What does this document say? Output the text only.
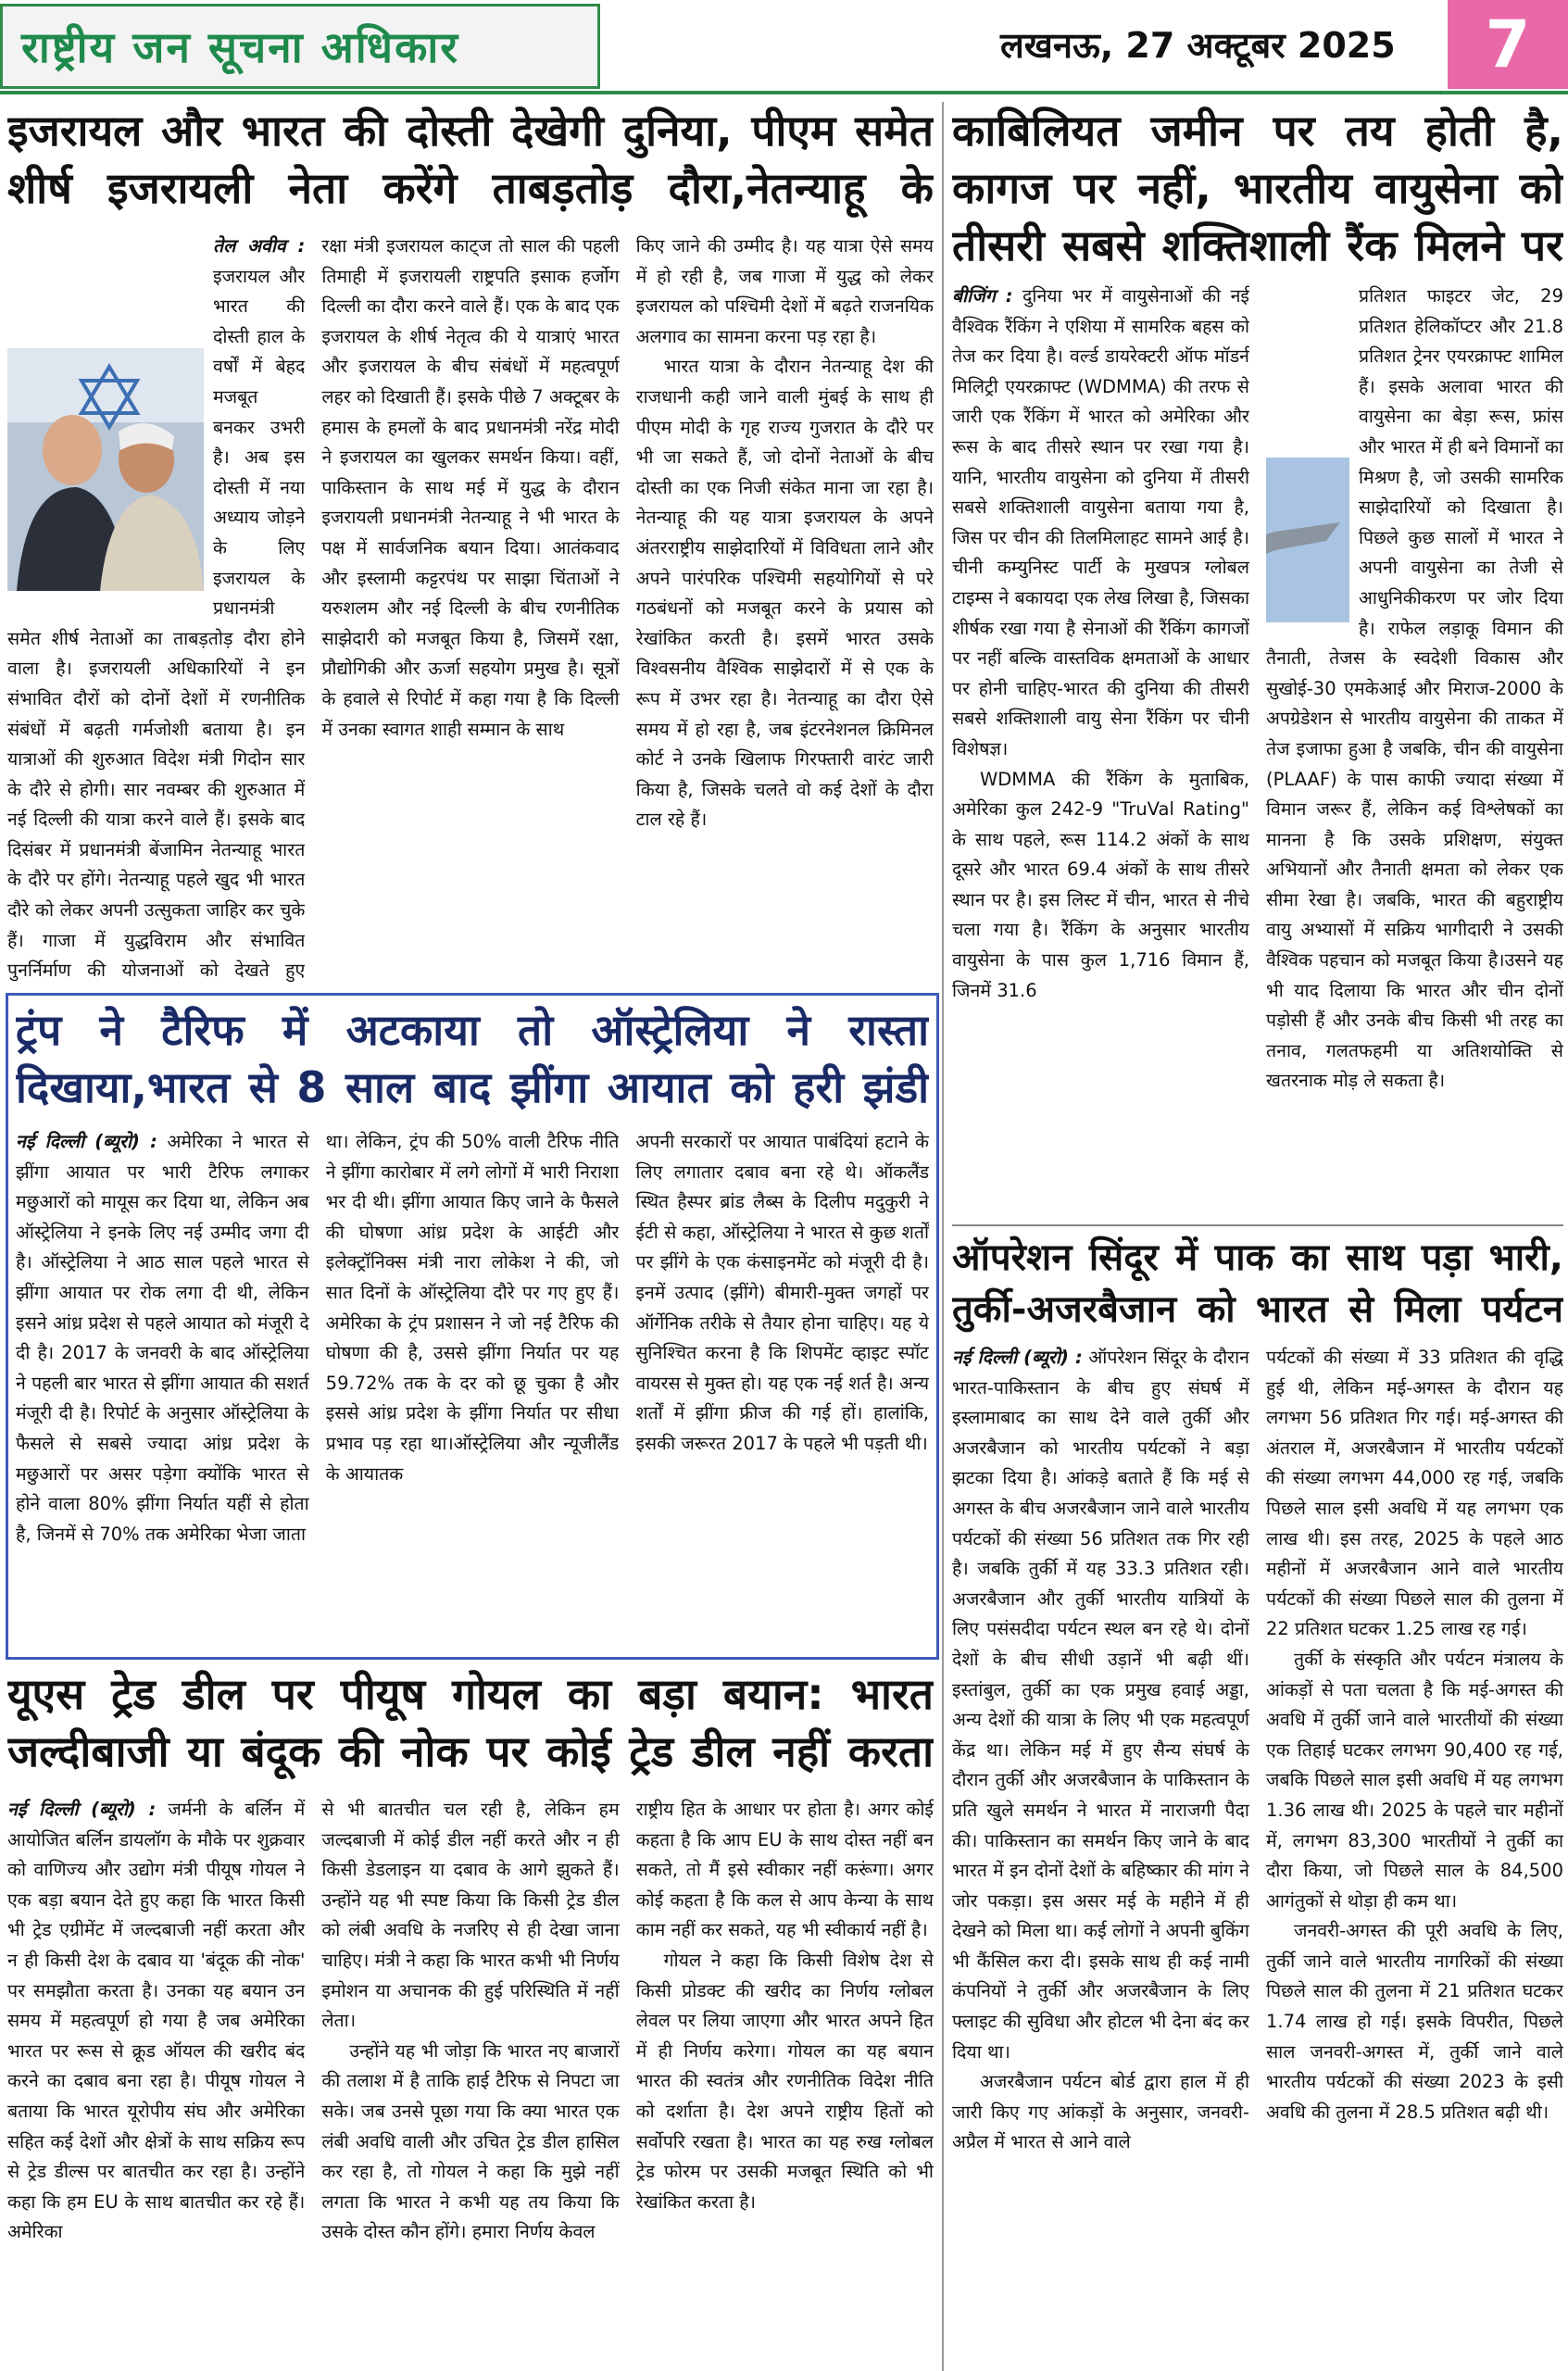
राष्ट्रीय जन सूचना अधिकार	लखनऊ, 27 अक्टूबर 2025	7
इजरायल और भारत की दोस्ती देखेगी दुनिया, पीएम समेत शीर्ष इजरायली नेता करेंगे ताबड़तोड़ दौरा,नेतन्याहू के

तेल अवीव : इजरायल और भारत की दोस्ती हाल के वर्षों में बेहद मजबूत बनकर उभरी है। अब इस दोस्ती में नया अध्याय जोड़ने के लिए इजरायल के प्रधानमंत्री समेत शीर्ष नेताओं का ताबड़तोड़ दौरा होने वाला है। इजरायली अधिकारियों ने इन संभावित दौरों को दोनों देशों में रणनीतिक संबंधों में बढ़ती गर्मजोशी बताया है। इन यात्राओं की शुरुआत विदेश मंत्री गिदोन सार के दौरे से होगी। सार नवम्बर की शुरुआत में नई दिल्ली की यात्रा करने वाले हैं। इसके बाद दिसंबर में प्रधानमंत्री बेंजामिन नेतन्याहू भारत के दौरे पर होंगे। नेतन्याहू पहले खुद भी भारत दौरे को लेकर अपनी उत्सुकता जाहिर कर चुके हैं। गाजा में युद्धविराम और संभावित पुनर्निर्माण की योजनाओं को देखते हुए

रक्षा मंत्री इजरायल काट्ज तो साल की पहली तिमाही में इजरायली राष्ट्रपति इसाक हर्जोग दिल्ली का दौरा करने वाले हैं। एक के बाद एक इजरायल के शीर्ष नेतृत्व की ये यात्राएं भारत और इजरायल के बीच संबंधों में महत्वपूर्ण लहर को दिखाती हैं। इसके पीछे 7 अक्टूबर के हमास के हमलों के बाद प्रधानमंत्री नरेंद्र मोदी ने इजरायल का खुलकर समर्थन किया। वहीं, पाकिस्तान के साथ मई में युद्ध के दौरान इजरायली प्रधानमंत्री नेतन्याहू ने भी भारत के पक्ष में सार्वजनिक बयान दिया। आतंकवाद और इस्लामी कट्टरपंथ पर साझा चिंताओं ने यरुशलम और नई दिल्ली के बीच रणनीतिक साझेदारी को मजबूत किया है, जिसमें रक्षा, प्रौद्योगिकी और ऊर्जा सहयोग प्रमुख है। सूत्रों के हवाले से रिपोर्ट में कहा गया है कि दिल्ली में उनका स्वागत शाही सम्मान के साथ

किए जाने की उम्मीद है। यह यात्रा ऐसे समय में हो रही है, जब गाजा में युद्ध को लेकर इजरायल को पश्चिमी देशों में बढ़ते राजनयिक अलगाव का सामना करना पड़ रहा है।

भारत यात्रा के दौरान नेतन्याहू देश की राजधानी कही जाने वाली मुंबई के साथ ही पीएम मोदी के गृह राज्य गुजरात के दौरे पर भी जा सकते हैं, जो दोनों नेताओं के बीच दोस्ती का एक निजी संकेत माना जा रहा है। नेतन्याहू की यह यात्रा इजरायल के अपने अंतरराष्ट्रीय साझेदारियों में विविधता लाने और अपने पारंपरिक पश्चिमी सहयोगियों से परे गठबंधनों को मजबूत करने के प्रयास को रेखांकित करती है। इसमें भारत उसके विश्वसनीय वैश्विक साझेदारों में से एक के रूप में उभर रहा है। नेतन्याहू का दौरा ऐसे समय में हो रहा है, जब इंटरनेशनल क्रिमिनल कोर्ट ने उनके खिलाफ गिरफ्तारी वारंट जारी किया है, जिसके चलते वो कई देशों के दौरा टाल रहे हैं।

काबिलियत जमीन पर तय होती है, कागज पर नहीं, भारतीय वायुसेना को तीसरी सबसे शक्तिशाली रैंक मिलने पर

बीजिंग : दुनिया भर में वायुसेनाओं की नई वैश्विक रैंकिंग ने एशिया में सामरिक बहस को तेज कर दिया है। वर्ल्ड डायरेक्टरी ऑफ मॉडर्न मिलिट्री एयरक्राफ्ट (WDMMA) की तरफ से जारी एक रैंकिंग में भारत को अमेरिका और रूस के बाद तीसरे स्थान पर रखा गया है। यानि, भारतीय वायुसेना को दुनिया में तीसरी सबसे शक्तिशाली वायुसेना बताया गया है, जिस पर चीन की तिलमिलाहट सामने आई है। चीनी कम्युनिस्ट पार्टी के मुखपत्र ग्लोबल टाइम्स ने बकायदा एक लेख लिखा है, जिसका शीर्षक रखा गया है सेनाओं की रैंकिंग कागजों पर नहीं बल्कि वास्तविक क्षमताओं के आधार पर होनी चाहिए-भारत की दुनिया की तीसरी सबसे शक्तिशाली वायु सेना रैंकिंग पर चीनी विशेषज्ञ।

WDMMA की रैंकिंग के मुताबिक, अमेरिका कुल 242-9 "TruVal Rating" के साथ पहले, रूस 114.2 अंकों के साथ दूसरे और भारत 69.4 अंकों के साथ तीसरे स्थान पर है। इस लिस्ट में चीन, भारत से नीचे चला गया है। रैंकिंग के अनुसार भारतीय वायुसेना के पास कुल 1,716 विमान हैं, जिनमें 31.6

प्रतिशत फाइटर जेट, 29 प्रतिशत हेलिकॉप्टर और 21.8 प्रतिशत ट्रेनर एयरक्राफ्ट शामिल हैं। इसके अलावा भारत की वायुसेना का बेड़ा रूस, फ्रांस और भारत में ही बने विमानों का मिश्रण है, जो उसकी सामरिक साझेदारियों को दिखाता है। पिछले कुछ सालों में भारत ने अपनी वायुसेना का तेजी से आधुनिकीकरण पर जोर दिया है। राफेल लड़ाकू विमान की तैनाती, तेजस के स्वदेशी विकास और सुखोई-30 एमकेआई और मिराज-2000 के अपग्रेडेशन से भारतीय वायुसेना की ताकत में तेज इजाफा हुआ है जबकि, चीन की वायुसेना (PLAAF) के पास काफी ज्यादा संख्या में विमान जरूर हैं, लेकिन कई विश्लेषकों का मानना है कि उसके प्रशिक्षण, संयुक्त अभियानों और तैनाती क्षमता को लेकर एक सीमा रेखा है। जबकि, भारत की बहुराष्ट्रीय वायु अभ्यासों में सक्रिय भागीदारी ने उसकी वैश्विक पहचान को मजबूत किया है।उसने यह भी याद दिलाया कि भारत और चीन दोनों पड़ोसी हैं और उनके बीच किसी भी तरह का तनाव, गलतफहमी या अतिशयोक्ति से खतरनाक मोड़ ले सकता है।

ट्रंप ने टैरिफ में अटकाया तो ऑस्ट्रेलिया ने रास्ता दिखाया,भारत से 8 साल बाद झींगा आयात को हरी झंडी

नई दिल्ली (ब्यूरो) : अमेरिका ने भारत से झींगा आयात पर भारी टैरिफ लगाकर मछुआरों को मायूस कर दिया था, लेकिन अब ऑस्ट्रेलिया ने इनके लिए नई उम्मीद जगा दी है। ऑस्ट्रेलिया ने आठ साल पहले भारत से झींगा आयात पर रोक लगा दी थी, लेकिन इसने आंध्र प्रदेश से पहले आयात को मंजूरी दे दी है। 2017 के जनवरी के बाद ऑस्ट्रेलिया ने पहली बार भारत से झींगा आयात की सशर्त मंजूरी दी है। रिपोर्ट के अनुसार ऑस्ट्रेलिया के फैसले से सबसे ज्यादा आंध्र प्रदेश के मछुआरों पर असर पड़ेगा क्योंकि भारत से होने वाला 80% झींगा निर्यात यहीं से होता है, जिनमें से 70% तक अमेरिका भेजा जाता

था। लेकिन, ट्रंप की 50% वाली टैरिफ नीति ने झींगा कारोबार में लगे लोगों में भारी निराशा भर दी थी। झींगा आयात किए जाने के फैसले की घोषणा आंध्र प्रदेश के आईटी और इलेक्ट्रॉनिक्स मंत्री नारा लोकेश ने की, जो सात दिनों के ऑस्ट्रेलिया दौरे पर गए हुए हैं। अमेरिका के ट्रंप प्रशासन ने जो नई टैरिफ की घोषणा की है, उससे झींगा निर्यात पर यह 59.72% तक के दर को छू चुका है और इससे आंध्र प्रदेश के झींगा निर्यात पर सीधा प्रभाव पड़ रहा था।ऑस्ट्रेलिया और न्यूजीलैंड के आयातक

अपनी सरकारों पर आयात पाबंदियां हटाने के लिए लगातार दबाव बना रहे थे। ऑकलैंड स्थित हैस्पर ब्रांड लैब्स के दिलीप मदुकुरी ने ईटी से कहा, ऑस्ट्रेलिया ने भारत से कुछ शर्तों पर झींगे के एक कंसाइनमेंट को मंजूरी दी है। इनमें उत्पाद (झींगे) बीमारी-मुक्त जगहों पर ऑर्गेनिक तरीके से तैयार होना चाहिए। यह ये सुनिश्चित करना है कि शिपमेंट व्हाइट स्पॉट वायरस से मुक्त हो। यह एक नई शर्त है। अन्य शर्तों में झींगा फ्रीज की गई हों। हालांकि, इसकी जरूरत 2017 के पहले भी पड़ती थी।

ऑपरेशन सिंदूर में पाक का साथ पड़ा भारी, तुर्की-अजरबैजान को भारत से मिला पर्यटन

नई दिल्ली (ब्यूरो) : ऑपरेशन सिंदूर के दौरान भारत-पाकिस्तान के बीच हुए संघर्ष में इस्लामाबाद का साथ देने वाले तुर्की और अजरबैजान को भारतीय पर्यटकों ने बड़ा झटका दिया है। आंकड़े बताते हैं कि मई से अगस्त के बीच अजरबैजान जाने वाले भारतीय पर्यटकों की संख्या 56 प्रतिशत तक गिर रही है। जबकि तुर्की में यह 33.3 प्रतिशत रही। अजरबैजान और तुर्की भारतीय यात्रियों के लिए पसंसदीदा पर्यटन स्थल बन रहे थे। दोनों देशों के बीच सीधी उड़ानें भी बढ़ी थीं। इस्तांबुल, तुर्की का एक प्रमुख हवाई अड्डा, अन्य देशों की यात्रा के लिए भी एक महत्वपूर्ण केंद्र था। लेकिन मई में हुए सैन्य संघर्ष के दौरान तुर्की और अजरबैजान के पाकिस्तान के प्रति खुले समर्थन ने भारत में नाराजगी पैदा की। पाकिस्तान का समर्थन किए जाने के बाद भारत में इन दोनों देशों के बहिष्कार की मांग ने जोर पकड़ा। इस असर मई के महीने में ही देखने को मिला था। कई लोगों ने अपनी बुकिंग भी कैंसिल करा दी। इसके साथ ही कई नामी कंपनियों ने तुर्की और अजरबैजान के लिए फ्लाइट की सुविधा और होटल भी देना बंद कर दिया था।

अजरबैजान पर्यटन बोर्ड द्वारा हाल में ही जारी किए गए आंकड़ों के अनुसार, जनवरी-अप्रैल में भारत से आने वाले

पर्यटकों की संख्या में 33 प्रतिशत की वृद्धि हुई थी, लेकिन मई-अगस्त के दौरान यह लगभग 56 प्रतिशत गिर गई। मई-अगस्त की अंतराल में, अजरबैजान में भारतीय पर्यटकों की संख्या लगभग 44,000 रह गई, जबकि पिछले साल इसी अवधि में यह लगभग एक लाख थी। इस तरह, 2025 के पहले आठ महीनों में अजरबैजान आने वाले भारतीय पर्यटकों की संख्या पिछले साल की तुलना में 22 प्रतिशत घटकर 1.25 लाख रह गई।

तुर्की के संस्कृति और पर्यटन मंत्रालय के आंकड़ों से पता चलता है कि मई-अगस्त की अवधि में तुर्की जाने वाले भारतीयों की संख्या एक तिहाई घटकर लगभग 90,400 रह गई, जबकि पिछले साल इसी अवधि में यह लगभग 1.36 लाख थी। 2025 के पहले चार महीनों में, लगभग 83,300 भारतीयों ने तुर्की का दौरा किया, जो पिछले साल के 84,500 आगंतुकों से थोड़ा ही कम था।

जनवरी-अगस्त की पूरी अवधि के लिए, तुर्की जाने वाले भारतीय नागरिकों की संख्या पिछले साल की तुलना में 21 प्रतिशत घटकर 1.74 लाख हो गई। इसके विपरीत, पिछले साल जनवरी-अगस्त में, तुर्की जाने वाले भारतीय पर्यटकों की संख्या 2023 के इसी अवधि की तुलना में 28.5 प्रतिशत बढ़ी थी।

यूएस ट्रेड डील पर पीयूष गोयल का बड़ा बयान: भारत जल्दीबाजी या बंदूक की नोक पर कोई ट्रेड डील नहीं करता

नई दिल्ली (ब्यूरो) : जर्मनी के बर्लिन में आयोजित बर्लिन डायलॉग के मौके पर शुक्रवार को वाणिज्य और उद्योग मंत्री पीयूष गोयल ने एक बड़ा बयान देते हुए कहा कि भारत किसी भी ट्रेड एग्रीमेंट में जल्दबाजी नहीं करता और न ही किसी देश के दबाव या 'बंदूक की नोक' पर समझौता करता है। उनका यह बयान उन समय में महत्वपूर्ण हो गया है जब अमेरिका भारत पर रूस से क्रूड ऑयल की खरीद बंद करने का दबाव बना रहा है। पीयूष गोयल ने बताया कि भारत यूरोपीय संघ और अमेरिका सहित कई देशों और क्षेत्रों के साथ सक्रिय रूप से ट्रेड डील्स पर बातचीत कर रहा है। उन्होंने कहा कि हम EU के साथ बातचीत कर रहे हैं। अमेरिका

से भी बातचीत चल रही है, लेकिन हम जल्दबाजी में कोई डील नहीं करते और न ही किसी डेडलाइन या दबाव के आगे झुकते हैं। उन्होंने यह भी स्पष्ट किया कि किसी ट्रेड डील को लंबी अवधि के नजरिए से ही देखा जाना चाहिए। मंत्री ने कहा कि भारत कभी भी निर्णय इमोशन या अचानक की हुई परिस्थिति में नहीं लेता।

उन्होंने यह भी जोड़ा कि भारत नए बाजारों की तलाश में है ताकि हाई टैरिफ से निपटा जा सके। जब उनसे पूछा गया कि क्या भारत एक लंबी अवधि वाली और उचित ट्रेड डील हासिल कर रहा है, तो गोयल ने कहा कि मुझे नहीं लगता कि भारत ने कभी यह तय किया कि उसके दोस्त कौन होंगे। हमारा निर्णय केवल

राष्ट्रीय हित के आधार पर होता है। अगर कोई कहता है कि आप EU के साथ दोस्त नहीं बन सकते, तो मैं इसे स्वीकार नहीं करूंगा। अगर कोई कहता है कि कल से आप केन्या के साथ काम नहीं कर सकते, यह भी स्वीकार्य नहीं है।

गोयल ने कहा कि किसी विशेष देश से किसी प्रोडक्ट की खरीद का निर्णय ग्लोबल लेवल पर लिया जाएगा और भारत अपने हित में ही निर्णय करेगा। गोयल का यह बयान भारत की स्वतंत्र और रणनीतिक विदेश नीति को दर्शाता है। देश अपने राष्ट्रीय हितों को सर्वोपरि रखता है। भारत का यह रुख ग्लोबल ट्रेड फोरम पर उसकी मजबूत स्थिति को भी रेखांकित करता है।
